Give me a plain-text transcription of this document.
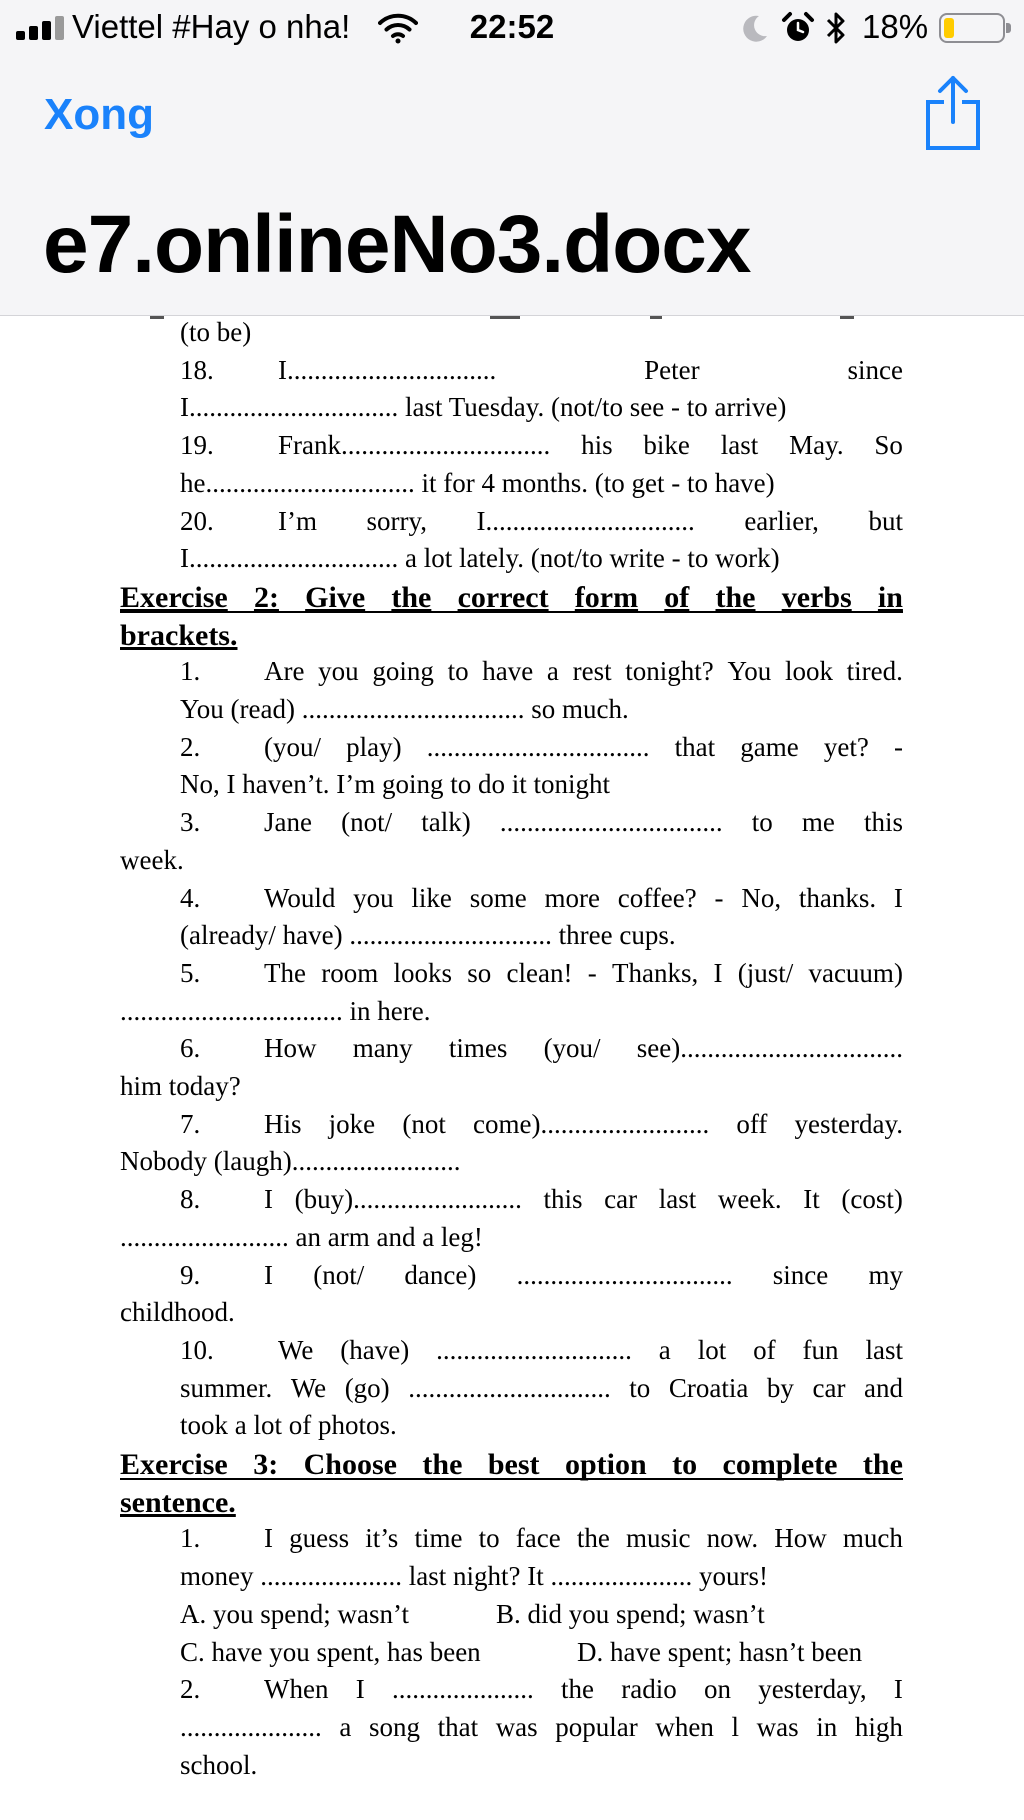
Viettel #Hay o nha!	22:52	18%
Xong
e7.onlineNo3.docx
(to be)
18. I...............................	Peter	since
I............................... last Tuesday. (not/to see - to arrive)
19. Frank............................... his bike last May. So
he............................... it for 4 months. (to get - to have)
20. I’m sorry, I............................... earlier, but
I............................... a lot lately. (not/to write - to work)
Exercise 2: Give the correct form of the verbs in
brackets.
1. Are you going to have a rest tonight? You look tired.
You (read) ................................. so much.
2. (you/ play) ................................. that game yet? -
No, I haven’t. I’m going to do it tonight
3. Jane (not/ talk) ................................. to me this
week.
4. Would you like some more coffee? - No, thanks. I
(already/ have) .............................. three cups.
5. The room looks so clean! - Thanks, I (just/ vacuum)
................................. in here.
6. How many times (you/ see).................................
him today?
7. His joke (not come)......................... off yesterday.
Nobody (laugh).........................
8. I (buy)......................... this car last week. It (cost)
......................... an arm and a leg!
9. I (not/ dance) ................................ since my
childhood.
10. We (have) ............................. a lot of fun last
summer. We (go) .............................. to Croatia by car and
took a lot of photos.
Exercise 3: Choose the best option to complete the
sentence.
1. I guess it’s time to face the music now. How much
money ..................... last night? It ..................... yours!
A. you spend; wasn’t	B. did you spend; wasn’t
C. have you spent, has been	D. have spent; hasn’t been
2. When I ..................... the radio on yesterday, I
..................... a song that was popular when l was in high
school.
